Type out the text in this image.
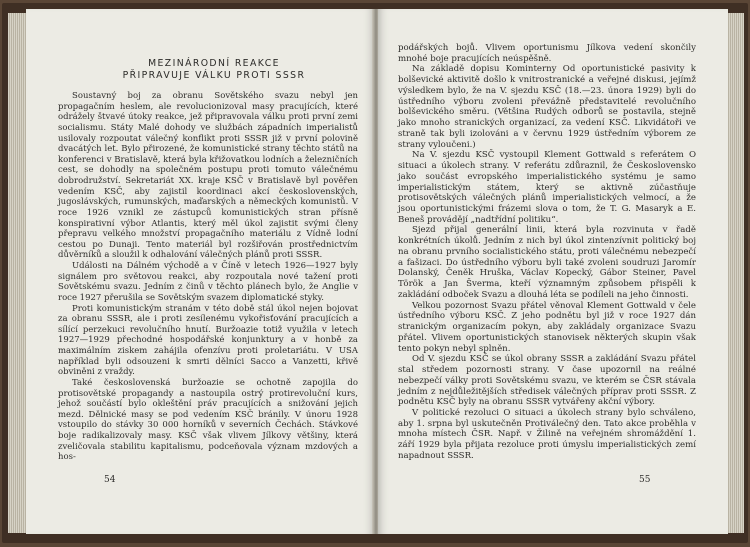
MEZINÁRODNÍ REAKCE
PŘIPRAVUJE VÁLKU PROTI SSSR

Soustavný boj za obranu Sovětského svazu nebyl jen propagačním heslem, ale revolucionizoval masy pracujících, které odrážely štvavé útoky reakce, jež připravovala válku proti první zemi socialismu. Státy Malé dohody ve službách západních imperialistů usilovaly rozpoutat válečný konflikt proti SSSR již v první polovině dvacátých let. Bylo přirozené, že komunistické strany těchto států na konferenci v Bratislavě, která byla křižovatkou lodních a železničních cest, se dohodly na společném postupu proti tomuto válečnému dobrodružství. Sekretariát XX. kraje KSČ v Bratislavě byl pověřen vedením KSČ, aby zajistil koordinaci akcí československých, jugoslávských, rumunských, maďarských a německých komunistů. V roce 1926 vznikl ze zástupců komunistických stran přísně konspirativní výbor Atlantis, který měl úkol zajistit svými členy přepravu velkého množství propagačního materiálu z Vídně lodní cestou po Dunaji. Tento materiál byl rozšiřován prostřednictvím důvěrníků a sloužil k odhalování válečných plánů proti SSSR.

Události na Dálném východě a v Číně v letech 1926—1927 byly signálem pro světovou reakci, aby rozpoutala nové tažení proti Sovětskému svazu. Jedním z činů v těchto plánech bylo, že Anglie v roce 1927 přerušila se Sovětským svazem diplomatické styky.

Proti komunistickým stranám v této době stál úkol nejen bojovat za obranu SSSR, ale i proti zesílenému vykořisťování pracujících a sílící perzekuci revolučního hnutí. Buržoazie totiž využila v letech 1927—1929 přechodné hospodářské konjunktury a v honbě za maximálním ziskem zahájila ofenzívu proti proletariátu. V USA například byli odsouzeni k smrti dělníci Sacco a Vanzetti, křivě obviněni z vraždy.

Také československá buržoazie se ochotně zapojila do protisovětské propagandy a nastoupila ostrý protirevoluční kurs, jehož součástí bylo okleštění práv pracujících a snižování jejich mezd. Dělnické masy se pod vedením KSČ bránily. V únoru 1928 vstoupilo do stávky 30 000 horníků v severních Čechách. Stávkové boje radikalizovaly masy. KSČ však vlivem Jílkovy většiny, která zveličovala stabilitu kapitalismu, podceňovala význam mzdových a hos-

podářských bojů. Vlivem oportunismu Jílkova vedení skončily mnohé boje pracujících neúspěšně.

Na základě dopisu Kominterny Od oportunistické pasivity k bolševické aktivitě došlo k vnitrostranické a veřejné diskusi, jejímž výsledkem bylo, že na V. sjezdu KSČ (18.—23. února 1929) byli do ústředního výboru zvoleni převážně představitelé revolučního bolševického směru. (Většina Rudých odborů se postavila, stejně jako mnoho stranických organizací, za vedení KSČ. Likvidátoři ve straně tak byli izolováni a v červnu 1929 ústředním výborem ze strany vyloučeni.)

Na V. sjezdu KSČ vystoupil Klement Gottwald s referátem O situaci a úkolech strany. V referátu zdůraznil, že Československo jako součást evropského imperialistického systému je samo imperialistickým státem, který se aktivně zúčastňuje protisovětských válečných plánů imperialistických velmocí, a že jsou oportunistickými frázemi slova o tom, že T. G. Masaryk a E. Beneš provádějí „nadtřídní politiku“.

Sjezd přijal generální linii, která byla rozvinuta v řadě konkrétních úkolů. Jedním z nich byl úkol zintenzívnit politický boj na obranu prvního socialistického státu, proti válečnému nebezpečí a fašizaci. Do ústředního výboru byli také zvoleni soudruzi Jaromír Dolanský, Čeněk Hruška, Václav Kopecký, Gábor Steiner, Pavel Török a Jan Šverma, kteří významným způsobem přispěli k zakládání odboček Svazu a dlouhá léta se podíleli na jeho činnosti.

Velkou pozornost Svazu přátel věnoval Klement Gottwald v čele ústředního výboru KSČ. Z jeho podnětu byl již v roce 1927 dán stranickým organizacím pokyn, aby zakládaly organizace Svazu přátel. Vlivem oportunistických stanovisek některých skupin však tento pokyn nebyl splněn.

Od V. sjezdu KSČ se úkol obrany SSSR a zakládání Svazu přátel stal středem pozornosti strany. V čase upozornil na reálné nebezpečí války proti Sovětskému svazu, ve kterém se ČSR stávala jedním z nejdůležitějších středisek válečných příprav proti SSSR. Z podnětu KSČ byly na obranu SSSR vytvářeny akční výbory.

V politické rezoluci O situaci a úkolech strany bylo schváleno, aby 1. srpna byl uskutečněn Protiválečný den. Tato akce proběhla v mnoha místech ČSR. Např. v Žilině na veřejném shromáždění 1. září 1929 byla přijata rezoluce proti úmyslu imperialistických zemí napadnout SSSR.

54	55
